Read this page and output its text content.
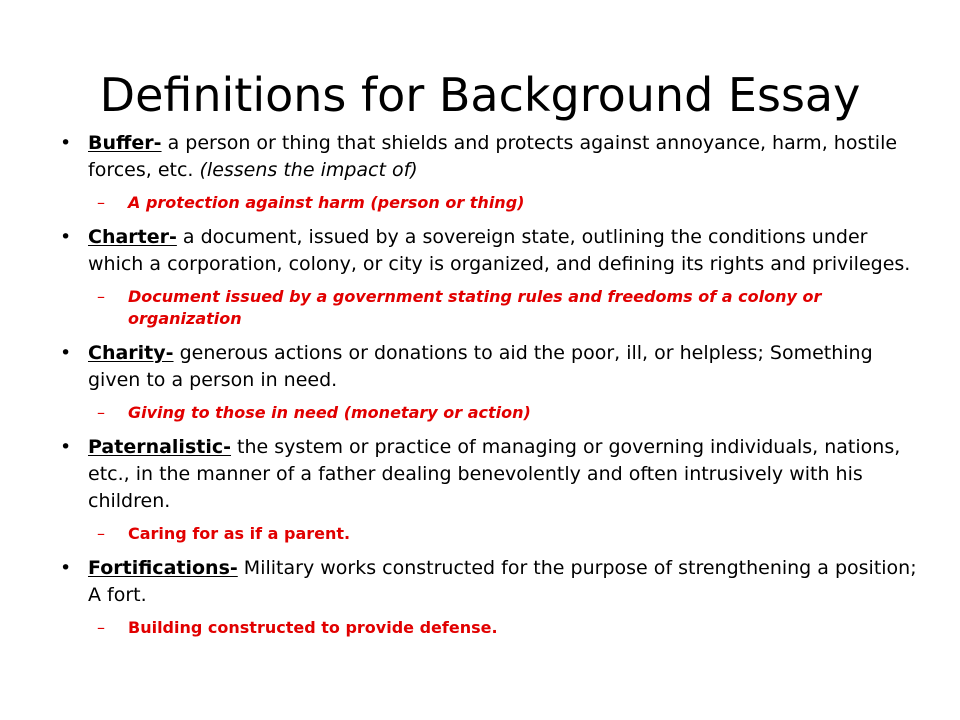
Definitions for Background Essay
• Buffer- a person or thing that shields and protects against annoyance, harm, hostile forces, etc. (lessens the impact of)
– A protection against harm (person or thing)
• Charter- a document, issued by a sovereign state, outlining the conditions under which a corporation, colony, or city is organized, and defining its rights and privileges.
– Document issued by a government stating rules and freedoms of a colony or organization
• Charity- generous actions or donations to aid the poor, ill, or helpless; Something given to a person in need.
– Giving to those in need (monetary or action)
• Paternalistic- the system or practice of managing or governing individuals, nations, etc., in the manner of a father dealing benevolently and often intrusively with his children.
– Caring for as if a parent.
• Fortifications- Military works constructed for the purpose of strengthening a position; A fort.
– Building constructed to provide defense.
